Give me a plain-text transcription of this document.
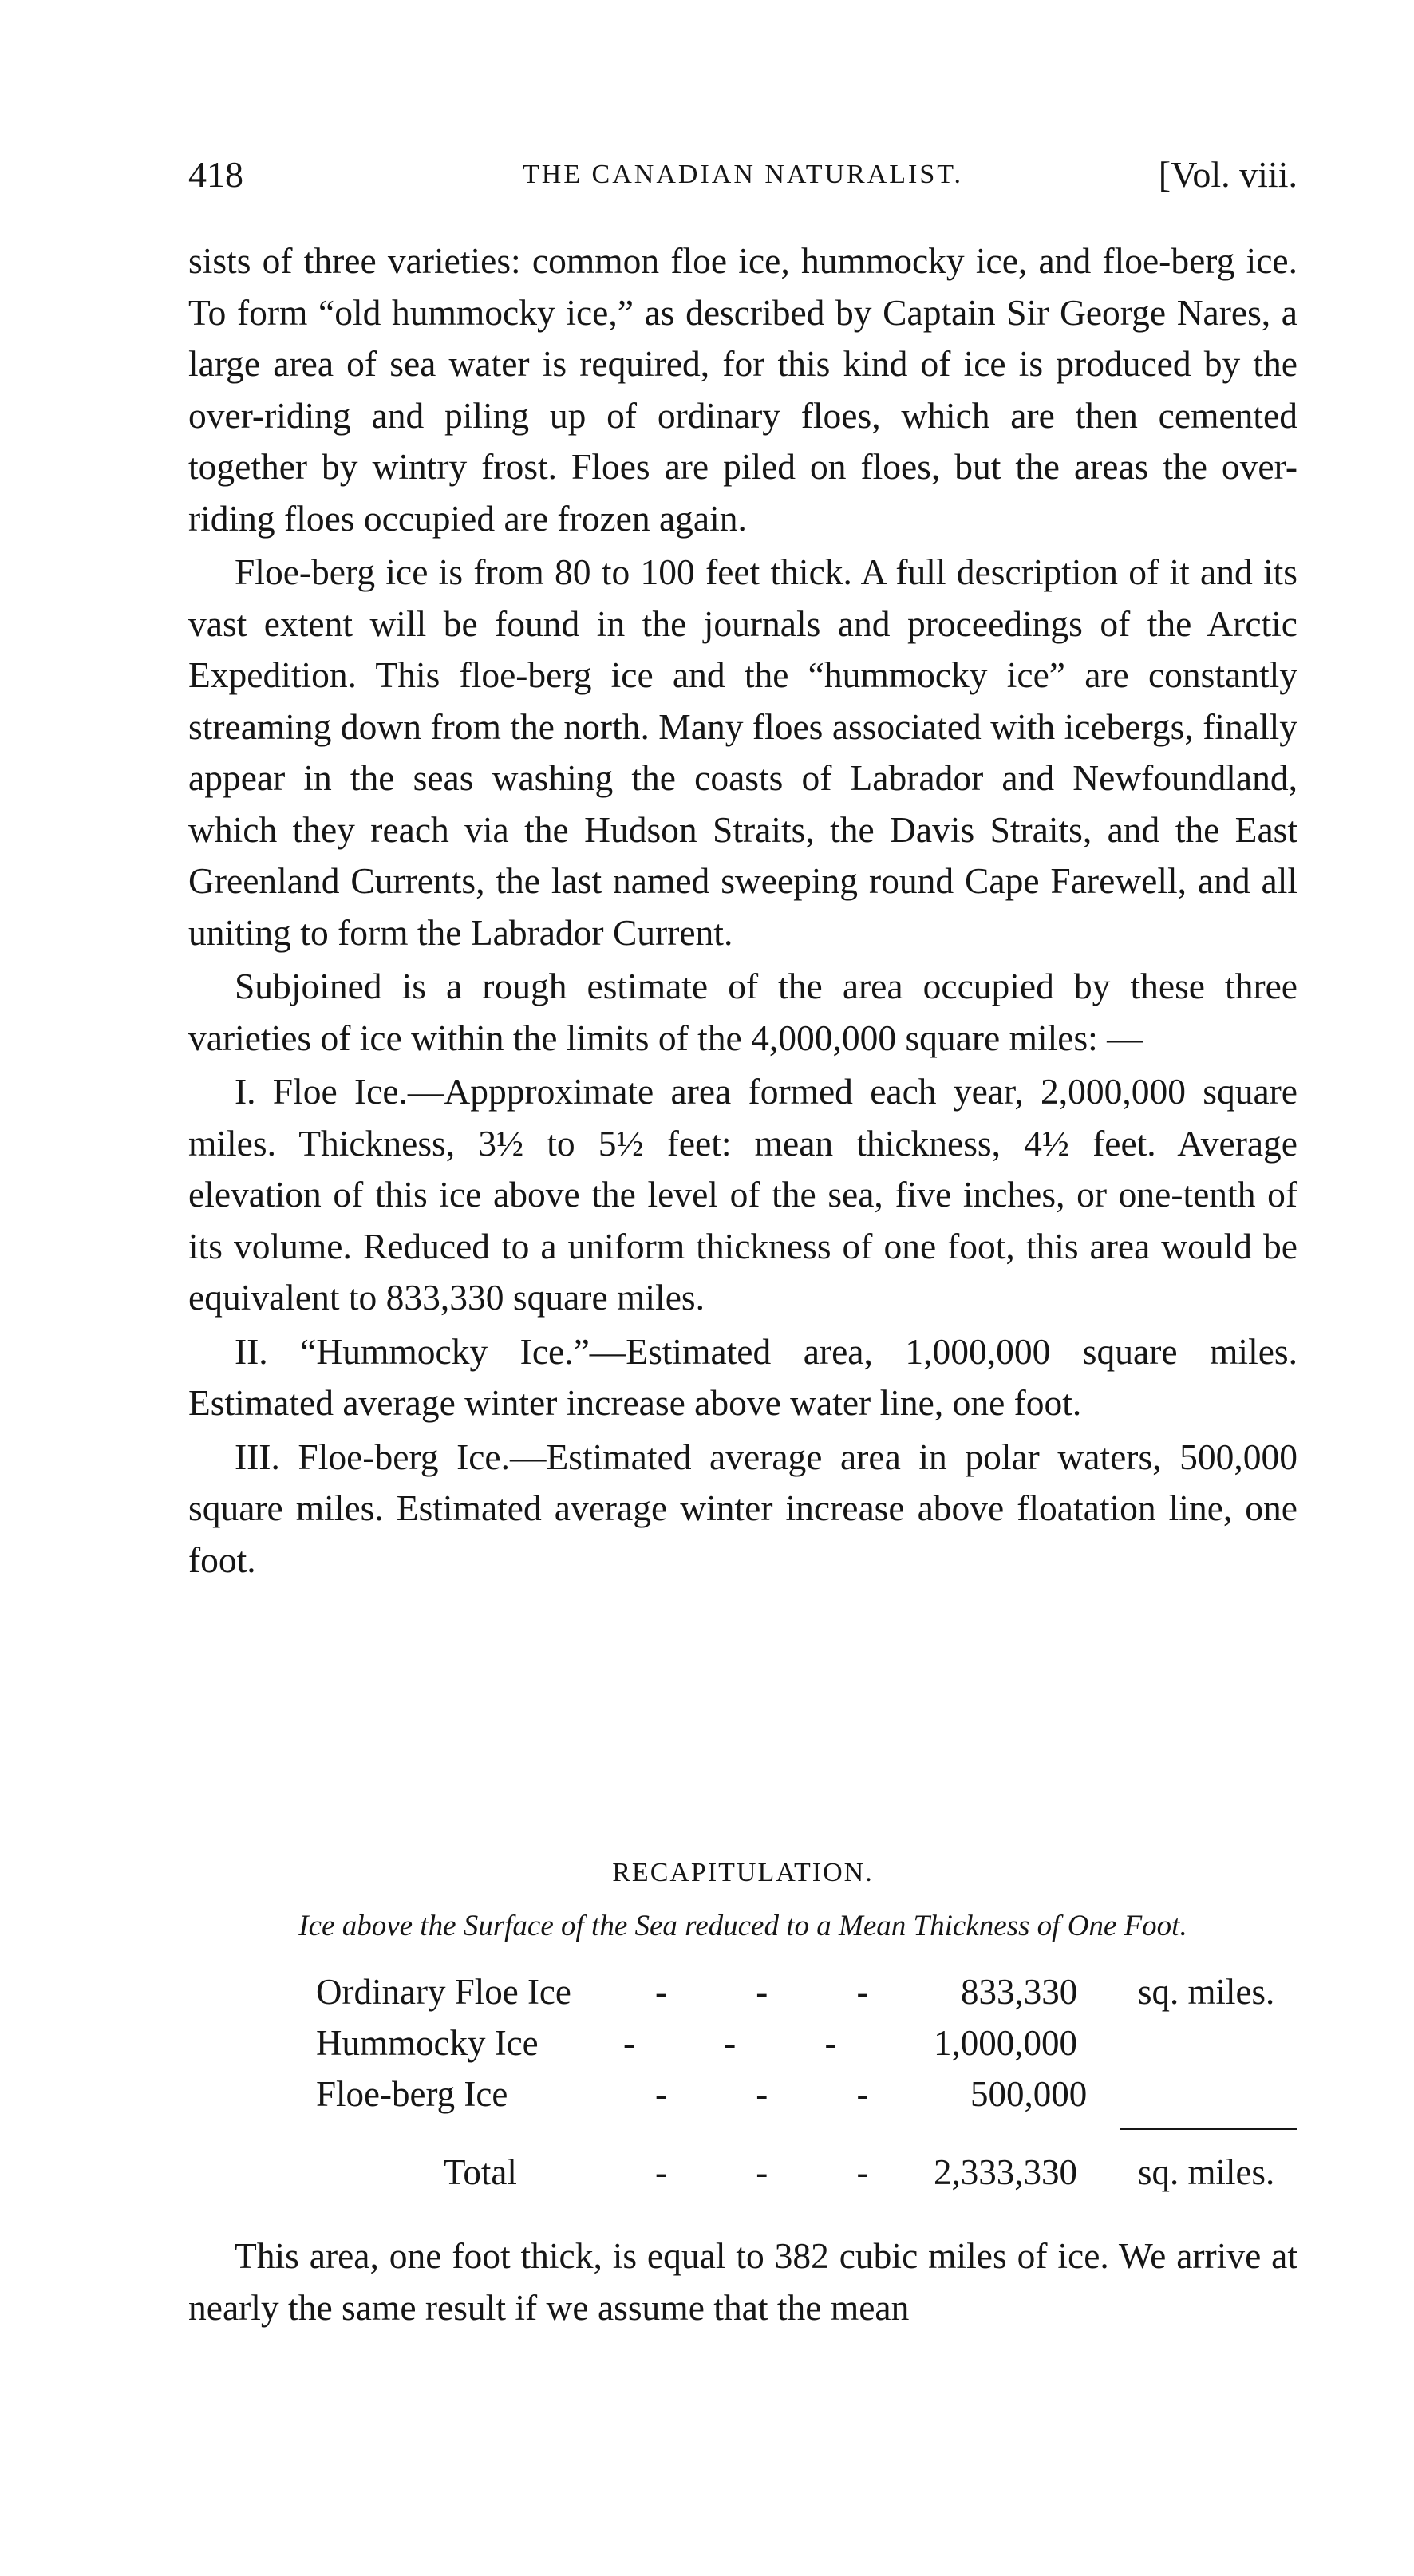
418	THE CANADIAN NATURALIST.	[Vol. viii.

sists of three varieties: common floe ice, hummocky ice, and floe-berg ice. To form “old hummocky ice,” as described by Captain Sir George Nares, a large area of sea water is required, for this kind of ice is produced by the over-riding and piling up of ordinary floes, which are then cemented together by wintry frost. Floes are piled on floes, but the areas the over-riding floes occupied are frozen again.

Floe-berg ice is from 80 to 100 feet thick. A full description of it and its vast extent will be found in the journals and proceedings of the Arctic Expedition. This floe-berg ice and the “hummocky ice” are constantly streaming down from the north. Many floes associated with icebergs, finally appear in the seas washing the coasts of Labrador and Newfoundland, which they reach via the Hudson Straits, the Davis Straits, and the East Greenland Currents, the last named sweeping round Cape Farewell, and all uniting to form the Labrador Current.

Subjoined is a rough estimate of the area occupied by these three varieties of ice within the limits of the 4,000,000 square miles: —

I. Floe Ice.—Appproximate area formed each year, 2,000,000 square miles. Thickness, 3½ to 5½ feet: mean thickness, 4½ feet. Average elevation of this ice above the level of the sea, five inches, or one-tenth of its volume. Reduced to a uniform thickness of one foot, this area would be equivalent to 833,330 square miles.

II. “Hummocky Ice.”—Estimated area, 1,000,000 square miles. Estimated average winter increase above water line, one foot.

III. Floe-berg Ice.—Estimated average area in polar waters, 500,000 square miles. Estimated average winter increase above floatation line, one foot.

RECAPITULATION.
Ice above the Surface of the Sea reduced to a Mean Thickness of One Foot.
Ordinary Floe Ice - - - 833,330 sq. miles.
Hummocky Ice - - - 1,000,000
Floe-berg Ice	- - - 500,000
Total	- - - 2,333,330 sq. miles.

This area, one foot thick, is equal to 382 cubic miles of ice. We arrive at nearly the same result if we assume that the mean
